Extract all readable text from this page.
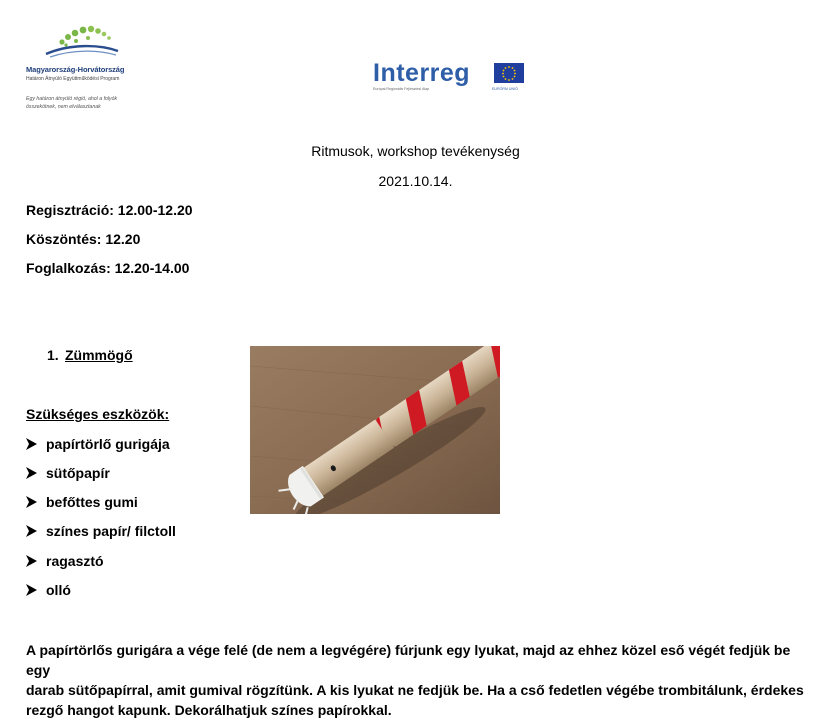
Magyarország-Horvátország
Határon Átnyúló Együttműködési Program
Egy határon átnyúló régió, ahol a folyók
összekötnek, nem elválasztanak
Interreg
Európai Regionális Fejlesztési Alap	EURÓPAI UNIÓ
Ritmusok, workshop tevékenység
2021.10.14.
Regisztráció: 12.00-12.20
Köszöntés: 12.20
Foglalkozás: 12.20-14.00
1. Zümmögő
Szükséges eszközök:
papírtörlő gurigája
sütőpapír
befőttes gumi
színes papír/ filctoll
ragasztó
olló
A papírtörlős gurigára a vége felé (de nem a legvégére) fúrjunk egy lyukat, majd az ehhez közel eső végét fedjük be egy
darab sütőpapírral, amit gumival rögzítünk. A kis lyukat ne fedjük be. Ha a cső fedetlen végébe trombitálunk, érdekes
rezgő hangot kapunk. Dekorálhatjuk színes papírokkal.
